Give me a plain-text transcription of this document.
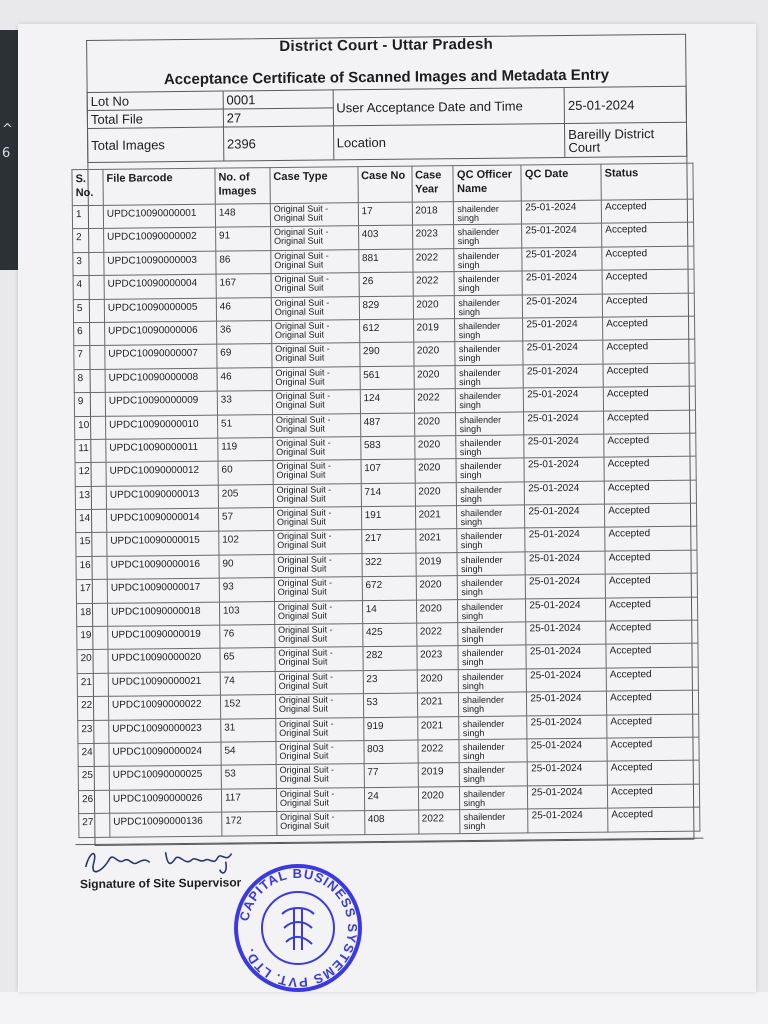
^
6
District Court - Uttar Pradesh
Acceptance Certificate of Scanned Images and Metadata Entry
Lot No	0001	User Acceptance Date and Time	25-01-2024
Total File	27		
Total Images	2396	Location	Bareilly District Court
S. No.	File Barcode	No. of Images	Case Type	Case No	Case Year	QC Officer Name	QC Date	Status
1	UPDC10090000001	148	Original Suit - Original Suit	17	2018	shailender singh	25-01-2024	Accepted
2	UPDC10090000002	91	Original Suit - Original Suit	403	2023	shailender singh	25-01-2024	Accepted
3	UPDC10090000003	86	Original Suit - Original Suit	881	2022	shailender singh	25-01-2024	Accepted
4	UPDC10090000004	167	Original Suit - Original Suit	26	2022	shailender singh	25-01-2024	Accepted
5	UPDC10090000005	46	Original Suit - Original Suit	829	2020	shailender singh	25-01-2024	Accepted
6	UPDC10090000006	36	Original Suit - Original Suit	612	2019	shailender singh	25-01-2024	Accepted
7	UPDC10090000007	69	Original Suit - Original Suit	290	2020	shailender singh	25-01-2024	Accepted
8	UPDC10090000008	46	Original Suit - Original Suit	561	2020	shailender singh	25-01-2024	Accepted
9	UPDC10090000009	33	Original Suit - Original Suit	124	2022	shailender singh	25-01-2024	Accepted
10	UPDC10090000010	51	Original Suit - Original Suit	487	2020	shailender singh	25-01-2024	Accepted
11	UPDC10090000011	119	Original Suit - Original Suit	583	2020	shailender singh	25-01-2024	Accepted
12	UPDC10090000012	60	Original Suit - Original Suit	107	2020	shailender singh	25-01-2024	Accepted
13	UPDC10090000013	205	Original Suit - Original Suit	714	2020	shailender singh	25-01-2024	Accepted
14	UPDC10090000014	57	Original Suit - Original Suit	191	2021	shailender singh	25-01-2024	Accepted
15	UPDC10090000015	102	Original Suit - Original Suit	217	2021	shailender singh	25-01-2024	Accepted
16	UPDC10090000016	90	Original Suit - Original Suit	322	2019	shailender singh	25-01-2024	Accepted
17	UPDC10090000017	93	Original Suit - Original Suit	672	2020	shailender singh	25-01-2024	Accepted
18	UPDC10090000018	103	Original Suit - Original Suit	14	2020	shailender singh	25-01-2024	Accepted
19	UPDC10090000019	76	Original Suit - Original Suit	425	2022	shailender singh	25-01-2024	Accepted
20	UPDC10090000020	65	Original Suit - Original Suit	282	2023	shailender singh	25-01-2024	Accepted
21	UPDC10090000021	74	Original Suit - Original Suit	23	2020	shailender singh	25-01-2024	Accepted
22	UPDC10090000022	152	Original Suit - Original Suit	53	2021	shailender singh	25-01-2024	Accepted
23	UPDC10090000023	31	Original Suit - Original Suit	919	2021	shailender singh	25-01-2024	Accepted
24	UPDC10090000024	54	Original Suit - Original Suit	803	2022	shailender singh	25-01-2024	Accepted
25	UPDC10090000025	53	Original Suit - Original Suit	77	2019	shailender singh	25-01-2024	Accepted
26	UPDC10090000026	117	Original Suit - Original Suit	24	2020	shailender singh	25-01-2024	Accepted
27	UPDC10090000136	172	Original Suit - Original Suit	408	2022	shailender singh	25-01-2024	Accepted
Signature of Site Supervisor
CAPITAL BUSINESS SYSTEMS PVT. LTD.
